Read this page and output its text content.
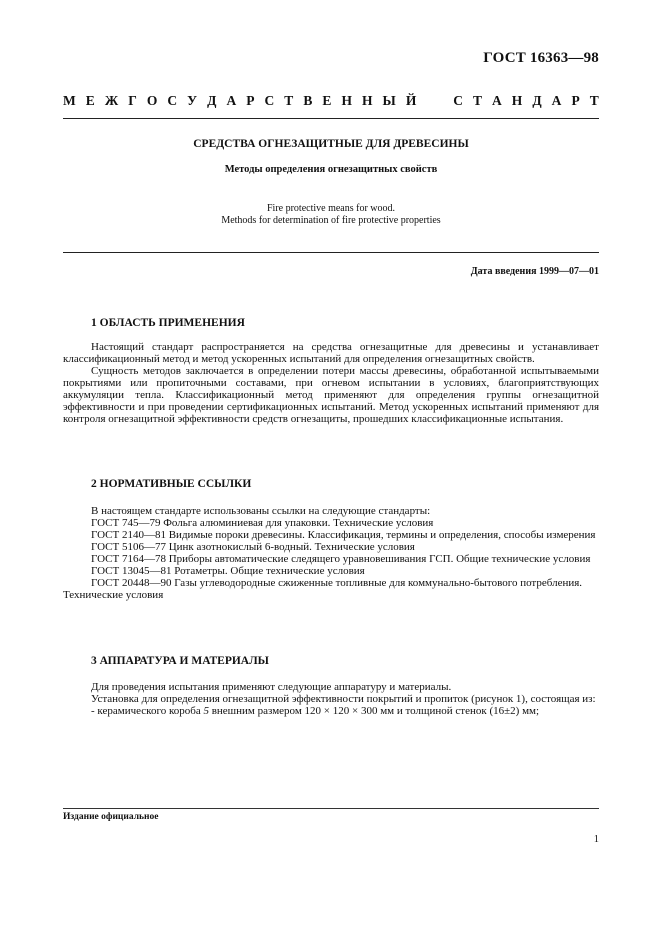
ГОСТ 16363—98
М Е Ж Г О С У Д А Р С Т В Е Н Н Ы Й

	С Т А Н Д А Р Т
СРЕДСТВА ОГНЕЗАЩИТНЫЕ ДЛЯ ДРЕВЕСИНЫ
Методы определения огнезащитных свойств
Fire protective means for wood.
Methods for determination of fire protective properties
Дата введения 1999—07—01
1 ОБЛАСТЬ ПРИМЕНЕНИЯ

Настоящий стандарт распространяется на средства огнезащитные для древесины и устанавливает классификационный метод и метод ускоренных испытаний для определения огнезащитных свойств.

Сущность методов заключается в определении потери массы древесины, обработанной испытываемыми покрытиями или пропиточными составами, при огневом испытании в условиях, благоприятствующих аккумуляции тепла. Классификационный метод применяют для определения группы огнезащитной эффективности и при проведении сертификационных испытаний. Метод ускоренных испытаний применяют для контроля огнезащитной эффективности средств огнезащиты, прошедших классификационные испытания.

2 НОРМАТИВНЫЕ ССЫЛКИ

В настоящем стандарте использованы ссылки на следующие стандарты:

ГОСТ 745—79 Фольга алюминиевая для упаковки. Технические условия

ГОСТ 2140—81 Видимые пороки древесины. Классификация, термины и определения, способы измерения

ГОСТ 5106—77 Цинк азотнокислый 6-водный. Технические условия

ГОСТ 7164—78 Приборы автоматические следящего уравновешивания ГСП. Общие технические условия

ГОСТ 13045—81 Ротаметры. Общие технические условия

ГОСТ 20448—90 Газы углеводородные сжиженные топливные для коммунально-бытового потребления. Технические условия

3 АППАРАТУРА И МАТЕРИАЛЫ

Для проведения испытания применяют следующие аппаратуру и материалы.

Установка для определения огнезащитной эффективности покрытий и пропиток (рисунок 1), состоящая из:

- керамического короба 5 внешним размером 120 × 120 × 300 мм и толщиной стенок (16±2) мм;

Издание официальное
1
